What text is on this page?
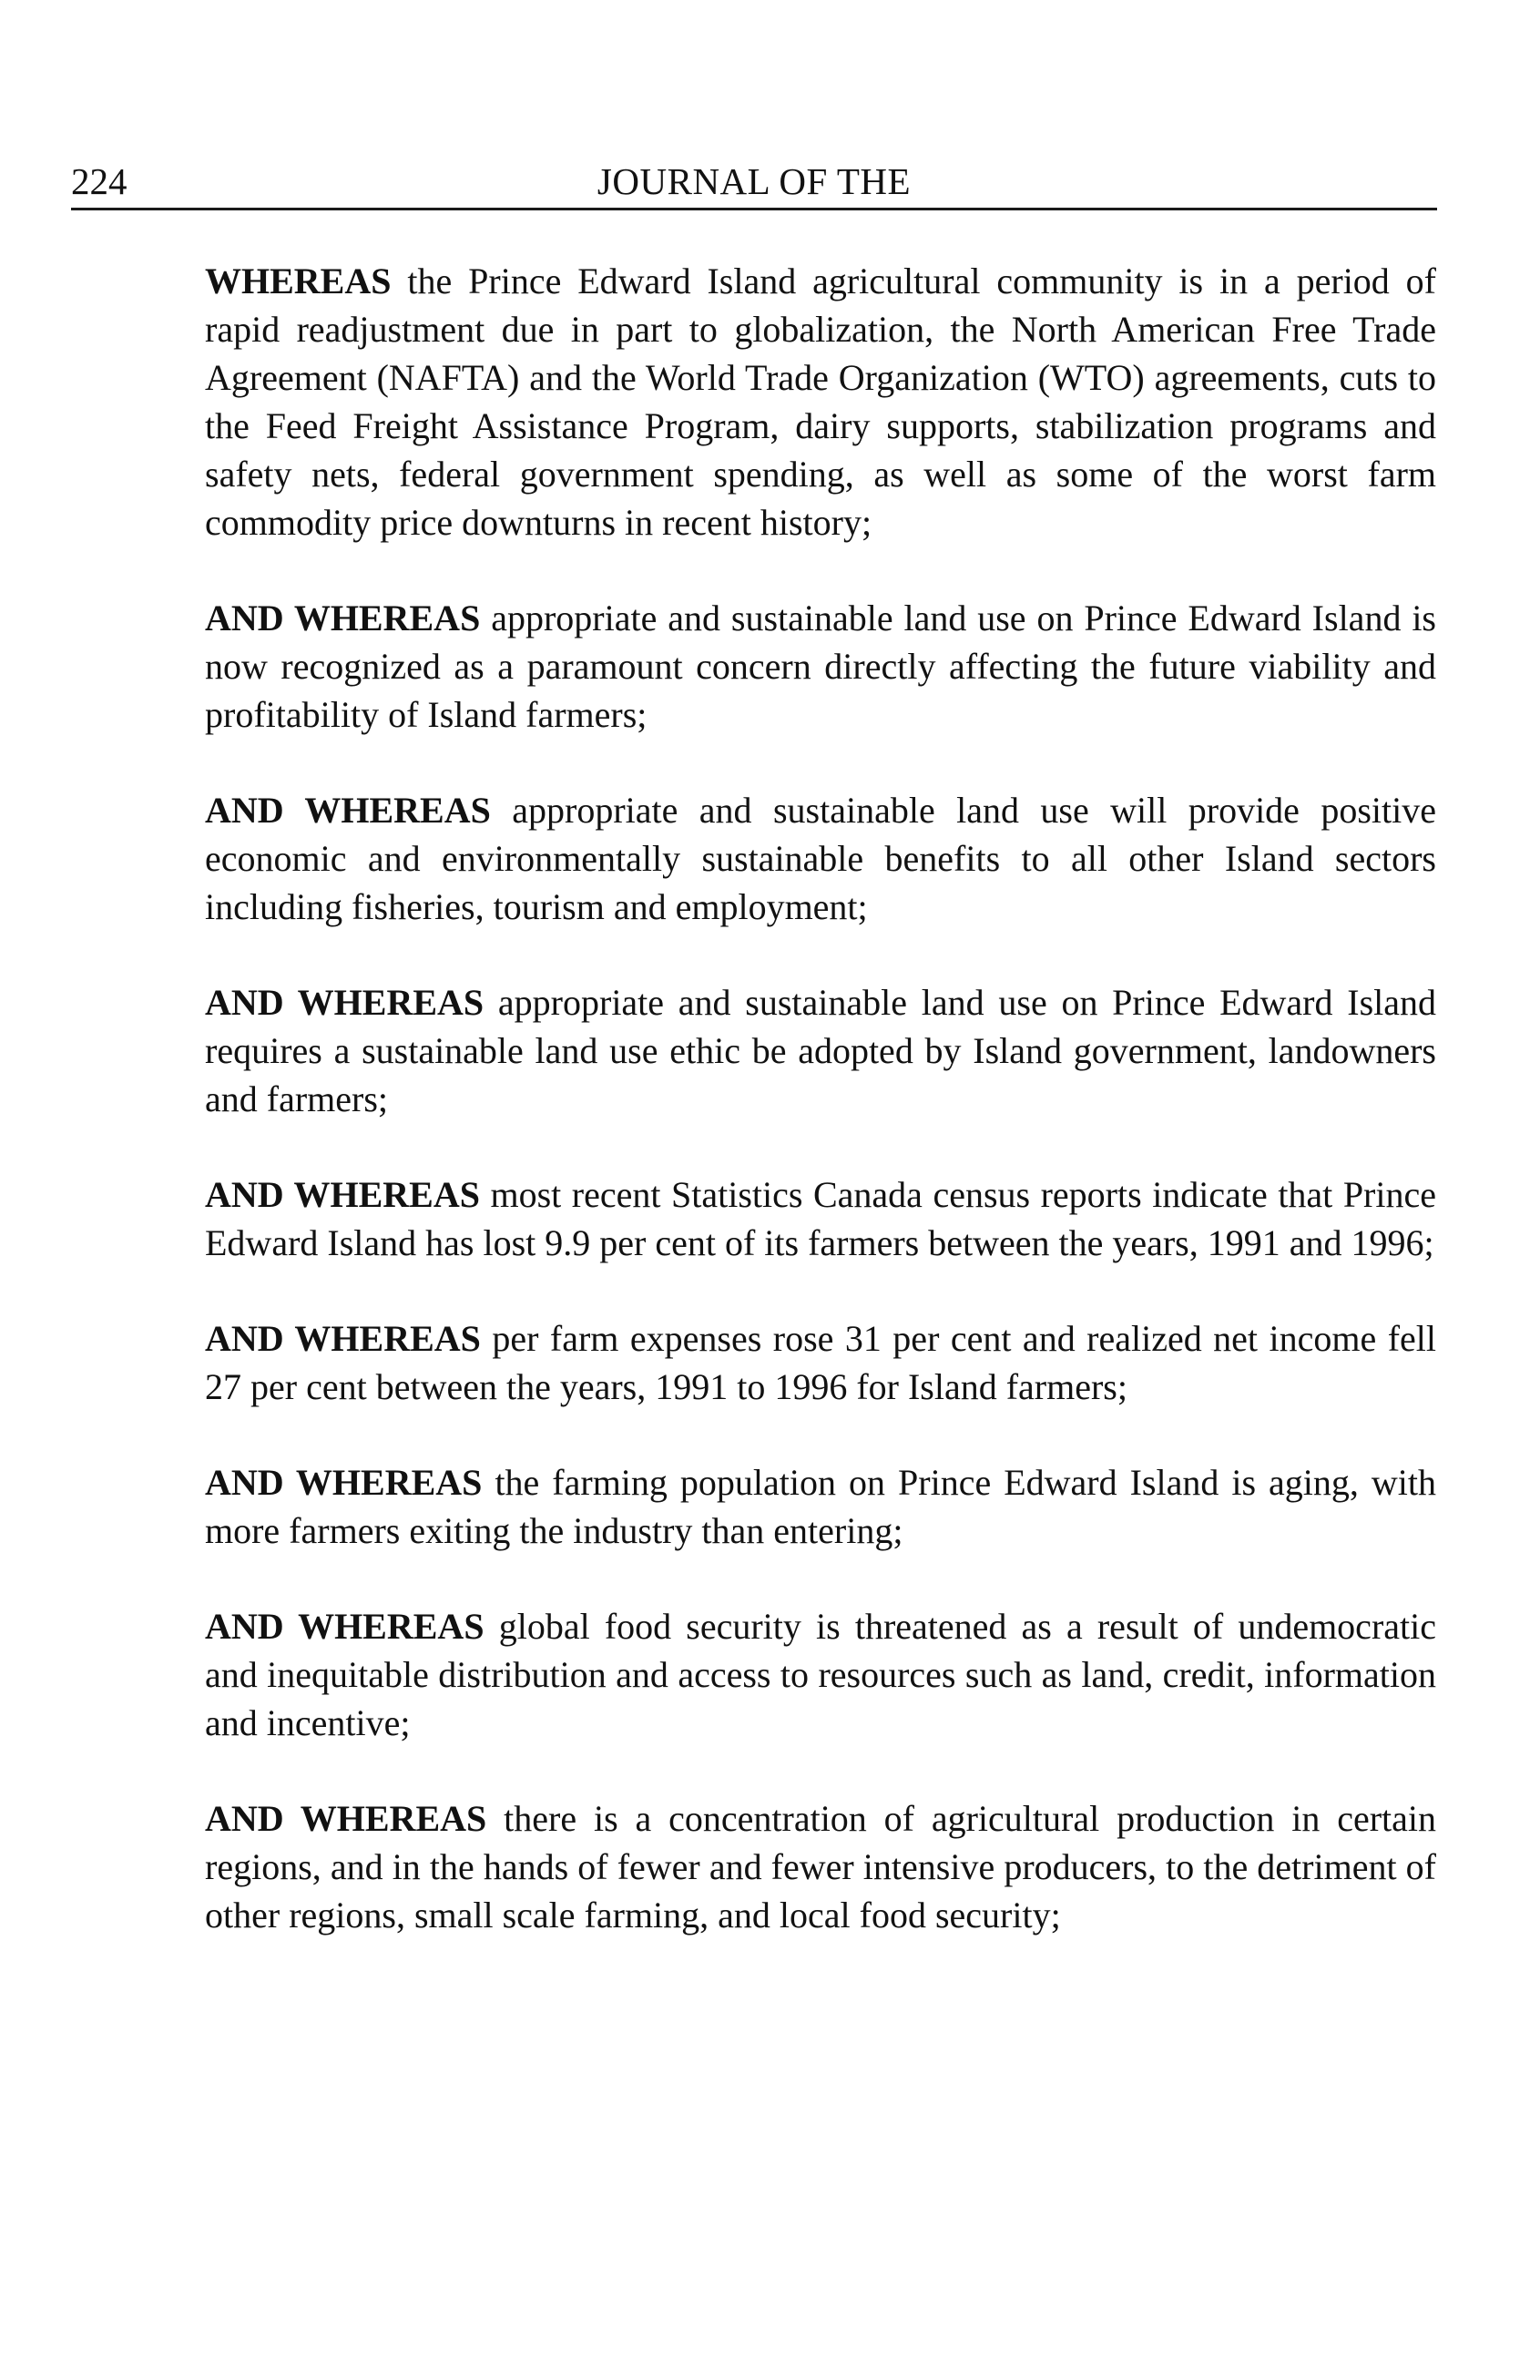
224	JOURNAL OF THE

WHEREAS the Prince Edward Island agricultural community is in a period of rapid readjustment due in part to globalization, the North American Free Trade Agreement (NAFTA) and the World Trade Organization (WTO) agreements, cuts to the Feed Freight Assistance Program, dairy supports, stabilization programs and safety nets, federal government spending, as well as some of the worst farm commodity price downturns in recent history;

AND WHEREAS appropriate and sustainable land use on Prince Edward Island is now recognized as a paramount concern directly affecting the future viability and profitability of Island farmers;

AND WHEREAS appropriate and sustainable land use will provide positive economic and environmentally sustainable benefits to all other Island sectors including fisheries, tourism and employment;

AND WHEREAS appropriate and sustainable land use on Prince Edward Island requires a sustainable land use ethic be adopted by Island government, landowners and farmers;

AND WHEREAS most recent Statistics Canada census reports indicate that Prince Edward Island has lost 9.9 per cent of its farmers between the years, 1991 and 1996;

AND WHEREAS per farm expenses rose 31 per cent and realized net income fell 27 per cent between the years, 1991 to 1996 for Island farmers;

AND WHEREAS the farming population on Prince Edward Island is aging, with more farmers exiting the industry than entering;

AND WHEREAS global food security is threatened as a result of undemocratic and inequitable distribution and access to resources such as land, credit, information and incentive;

AND WHEREAS there is a concentration of agricultural production in certain regions, and in the hands of fewer and fewer intensive producers, to the detriment of other regions, small scale farming, and local food security;
